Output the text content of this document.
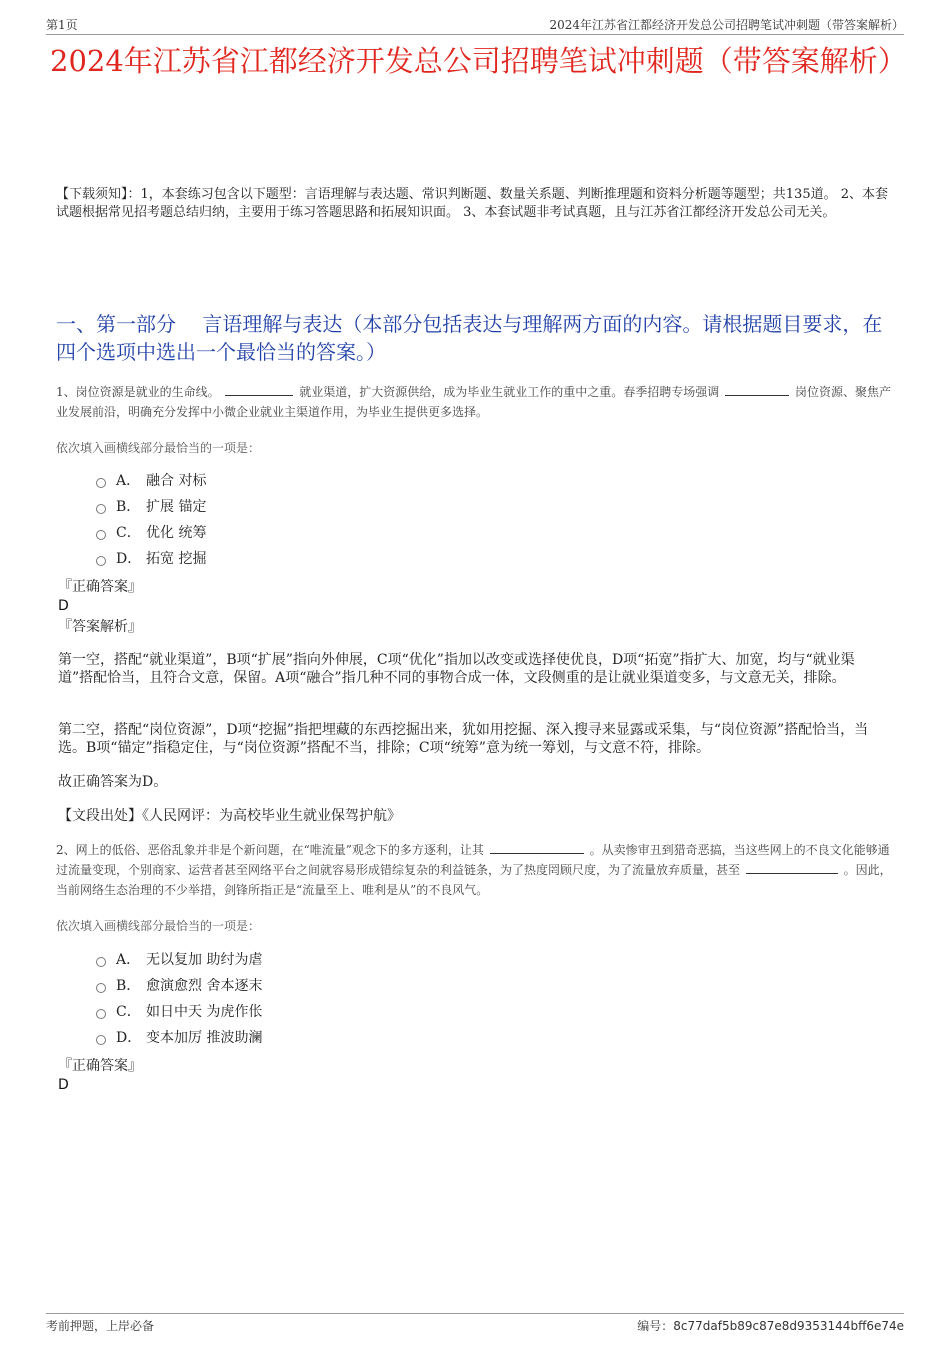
第1页	2024年江苏省江都经济开发总公司招聘笔试冲刺题（带答案解析）
2024年江苏省江都经济开发总公司招聘笔试冲刺题（带答案解析）
【下载须知】：1，本套练习包含以下题型：言语理解与表达题、常识判断题、数量关系题、判断推理题和资料分析题等题型；共135道。 2、本套试题根据常见招考题总结归纳，主要用于练习答题思路和拓展知识面。 3、本套试题非考试真题，且与江苏省江都经济开发总公司无关。
一、第一部分　 言语理解与表达（本部分包括表达与理解两方面的内容。请根据题目要求，在四个选项中选出一个最恰当的答案。）
1、岗位资源是就业的生命线。	就业渠道，扩大资源供给，成为毕业生就业工作的重中之重。春季招聘专场强调	岗位资源、聚焦产业发展前沿，明确充分发挥中小微企业就业主渠道作用，为毕业生提供更多选择。
依次填入画横线部分最恰当的一项是：
A． 融合 对标
B． 扩展 锚定
C． 优化 统筹
D． 拓宽 挖掘
『正确答案』
D
『答案解析』
第一空，搭配“就业渠道”，B项“扩展”指向外伸展，C项“优化”指加以改变或选择使优良，D项“拓宽”指扩大、加宽，均与“就业渠道”搭配恰当，且符合文意，保留。A项“融合”指几种不同的事物合成一体，文段侧重的是让就业渠道变多，与文意无关，排除。
第二空，搭配“岗位资源”，D项“挖掘”指把埋藏的东西挖掘出来，犹如用挖掘、深入搜寻来显露或采集，与“岗位资源”搭配恰当，当选。B项“锚定”指稳定住，与“岗位资源”搭配不当，排除；C项“统筹”意为统一筹划，与文意不符，排除。
故正确答案为D。
【文段出处】《人民网评：为高校毕业生就业保驾护航》
2、网上的低俗、恶俗乱象并非是个新问题，在“唯流量”观念下的多方逐利，让其	。从卖惨审丑到猎奇恶搞，当这些网上的不良文化能够通过流量变现，个别商家、运营者甚至网络平台之间就容易形成错综复杂的利益链条，为了热度罔顾尺度，为了流量放弃质量，甚至	。因此，当前网络生态治理的不少举措，剑锋所指正是“流量至上、唯利是从”的不良风气。
依次填入画横线部分最恰当的一项是：
A． 无以复加 助纣为虐
B． 愈演愈烈 舍本逐末
C． 如日中天 为虎作伥
D． 变本加厉 推波助澜
『正确答案』
D
考前押题，上岸必备	编号：8c77daf5b89c87e8d9353144bff6e74e
